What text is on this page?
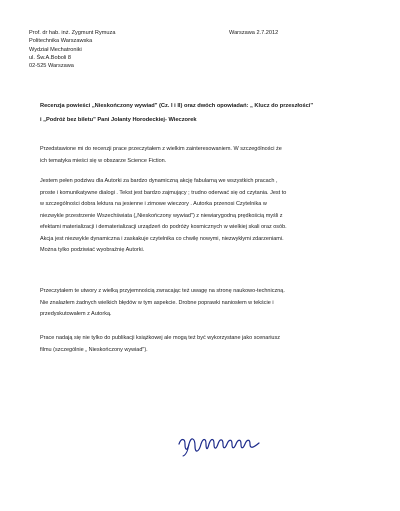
Prof. dr hab. inż. Zygmunt Rymuza
Politechnika Warszawska
Wydział Mechatroniki
ul. Św.A.Boboli 8
02-525 Warszawa
Warszawa 2.7.2012
Recenzja powieści „Nieskończony wywiad" (Cz. I i II) oraz dwóch opowiadań: „ Klucz do przeszłości"
i „Podróż bez biletu" Pani Jolanty Horodeckiej- Wieczorek
Przedstawione mi do recenzji prace przeczytałem z wielkim zainteresowaniem. W szczególności że
ich tematyka mieści się w obszarze Science Fiction.
Jestem pełen podziwu dla Autorki za bardzo dynamiczną akcję fabularną we wszystkich pracach ,
proste i komunikatywne dialogi . Tekst jest bardzo zajmujący ; trudno oderwać się od czytania. Jest to
w szczególności dobra lektura na jesienne i zimowe wieczory . Autorka przenosi Czytelnika w
niezwykle przestrzenie Wszechświata („Nieskończony wywiad") z niewiarygodną prędkością myśli z
efektami materializacji i dematerializacji urządzeń do podróży kosmicznych w wielkiej skali oraz osób.
Akcja jest niezwykle dynamiczna i zaskakuje czytelnika co chwilę nowymi, niezwykłymi zdarzeniami.
Można tylko podziwiać wyobraźnię Autorki.
Przeczytałem te utwory z wielką przyjemnością zwracając też uwagę na stronę naukowo-techniczną.
Nie znalazłem żadnych wielkich błędów w tym aspekcie. Drobne poprawki naniosłem w tekście i
przedyskutowałem z Autorką.
Prace nadają się nie tylko do publikacji książkowej ale mogą też być wykorzystane jako scenariusz
filmu (szczególnie „ Nieskończony wywiad").
